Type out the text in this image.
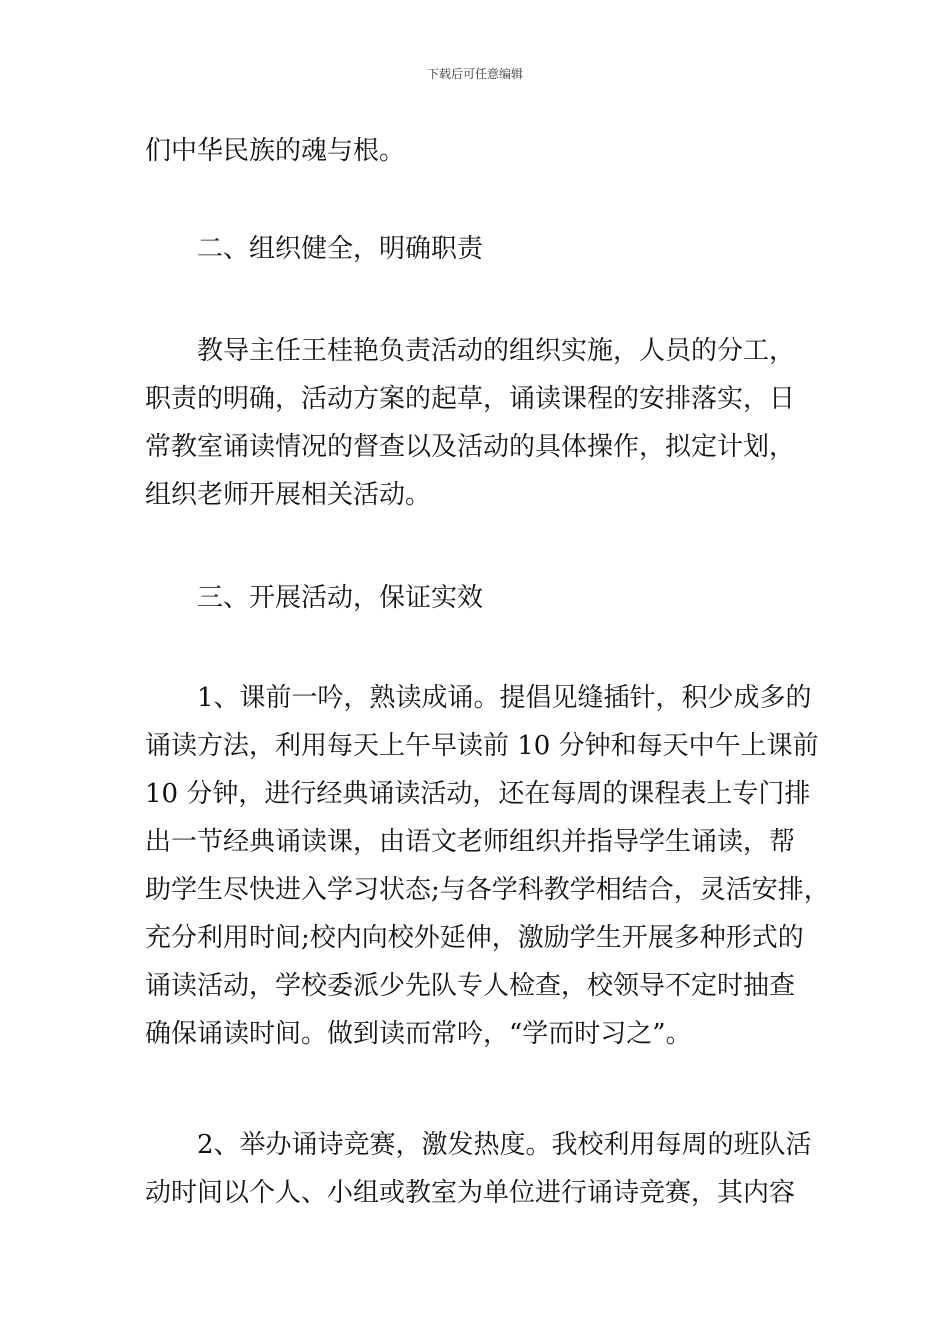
下载后可任意编辑
们中华民族的魂与根。
二、组织健全，明确职责
教导主任王桂艳负责活动的组织实施，人员的分工，
职责的明确，活动方案的起草，诵读课程的安排落实，日
常教室诵读情况的督查以及活动的具体操作，拟定计划，
组织老师开展相关活动。
三、开展活动，保证实效
1、课前一吟，熟读成诵。提倡见缝插针，积少成多的
诵读方法，利用每天上午早读前 10 分钟和每天中午上课前
10 分钟，进行经典诵读活动，还在每周的课程表上专门排
出一节经典诵读课，由语文老师组织并指导学生诵读，帮
助学生尽快进入学习状态;与各学科教学相结合，灵活安排，
充分利用时间;校内向校外延伸，激励学生开展多种形式的
诵读活动，学校委派少先队专人检查，校领导不定时抽查
确保诵读时间。做到读而常吟，“学而时习之”。
2、举办诵诗竞赛，激发热度。我校利用每周的班队活
动时间以个人、小组或教室为单位进行诵诗竞赛，其内容
